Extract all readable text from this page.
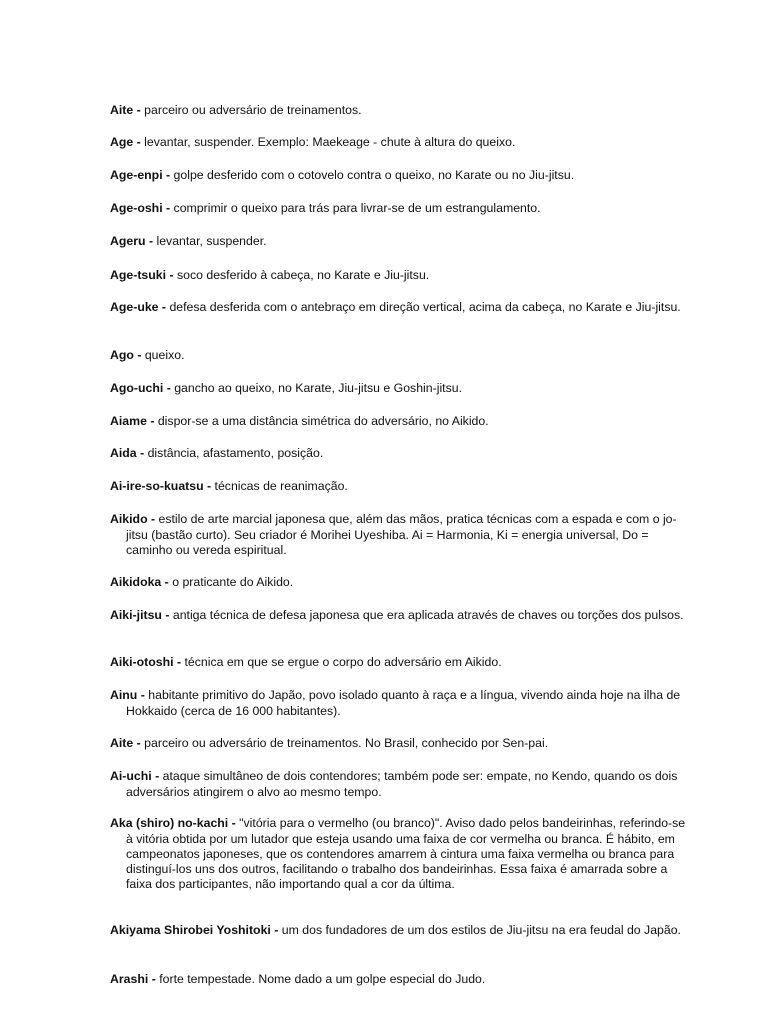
Aite - parceiro ou adversário de treinamentos.

Age - levantar, suspender. Exemplo: Maekeage - chute à altura do queixo.

Age-enpi - golpe desferido com o cotovelo contra o queixo, no Karate ou no Jiu-jitsu.

Age-oshi - comprimir o queixo para trás para livrar-se de um estrangulamento.

Ageru - levantar, suspender.

Age-tsuki - soco desferido à cabeça, no Karate e Jiu-jitsu.

Age-uke - defesa desferida com o antebraço em direção vertical, acima da cabeça, no Karate e Jiu-jitsu.

Ago - queixo.

Ago-uchi - gancho ao queixo, no Karate, Jiu-jitsu e Goshin-jitsu.

Aiame - dispor-se a uma distância simétrica do adversário, no Aikido.

Aida - distância, afastamento, posição.

Ai-ire-so-kuatsu - técnicas de reanimação.

Aikido - estilo de arte marcial japonesa que, além das mãos, pratica técnicas com a espada e com o jo-jitsu (bastão curto). Seu criador é Morihei Uyeshiba. Ai = Harmonia, Ki = energia universal, Do = caminho ou vereda espiritual.

Aikidoka - o praticante do Aikido.

Aiki-jitsu - antiga técnica de defesa japonesa que era aplicada através de chaves ou torções dos pulsos.

Aiki-otoshi - técnica em que se ergue o corpo do adversário em Aikido.

Ainu - habitante primitivo do Japão, povo isolado quanto à raça e a língua, vivendo ainda hoje na ilha de Hokkaido (cerca de 16 000 habitantes).

Aite - parceiro ou adversário de treinamentos. No Brasil, conhecido por Sen-pai.

Ai-uchi - ataque simultâneo de dois contendores; também pode ser: empate, no Kendo, quando os dois adversários atingirem o alvo ao mesmo tempo.

Aka (shiro) no-kachi - "vitória para o vermelho (ou branco)". Aviso dado pelos bandeirinhas, referindo-se à vitória obtida por um lutador que esteja usando uma faixa de cor vermelha ou branca. É hábito, em campeonatos japoneses, que os contendores amarrem à cintura uma faixa vermelha ou branca para distinguí-los uns dos outros, facilitando o trabalho dos bandeirinhas. Essa faixa é amarrada sobre a faixa dos participantes, não importando qual a cor da última.

Akiyama Shirobei Yoshitoki - um dos fundadores de um dos estilos de Jiu-jitsu na era feudal do Japão.

Arashi - forte tempestade. Nome dado a um golpe especial do Judo.
